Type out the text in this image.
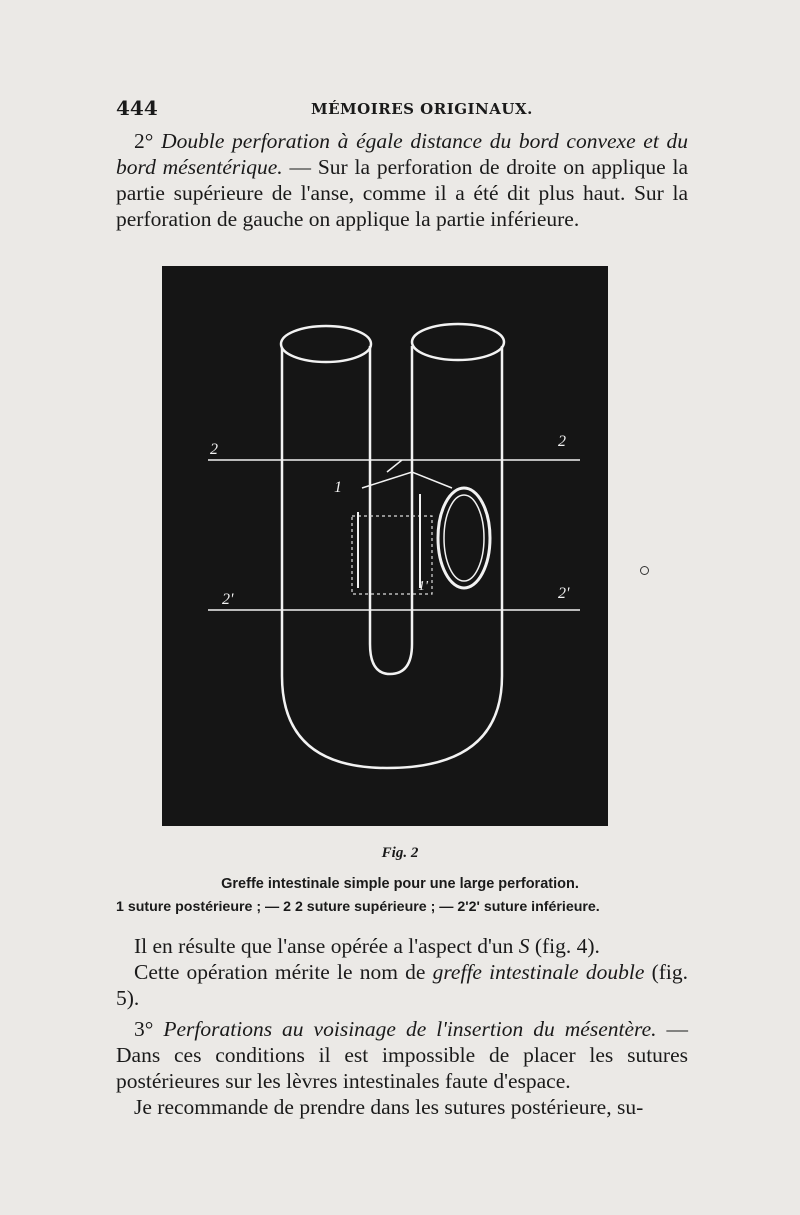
444	MÉMOIRES ORIGINAUX.

2° Double perforation à égale distance du bord convexe et du bord mésentérique. — Sur la perforation de droite on applique la partie supérieure de l'anse, comme il a été dit plus haut. Sur la perforation de gauche on applique la partie inférieure.

2	2
2'	2'
1
1'
Fig. 2
Greffe intestinale simple pour une large perforation.
1 suture postérieure ; — 2 2 suture supérieure ; — 2'2' suture inférieure.

Il en résulte que l'anse opérée a l'aspect d'un S (fig. 4).

Cette opération mérite le nom de greffe intestinale double (fig. 5).

3° Perforations au voisinage de l'insertion du mésentère. — Dans ces conditions il est impossible de placer les sutures postérieures sur les lèvres intestinales faute d'espace.

Je recommande de prendre dans les sutures postérieure, su-
